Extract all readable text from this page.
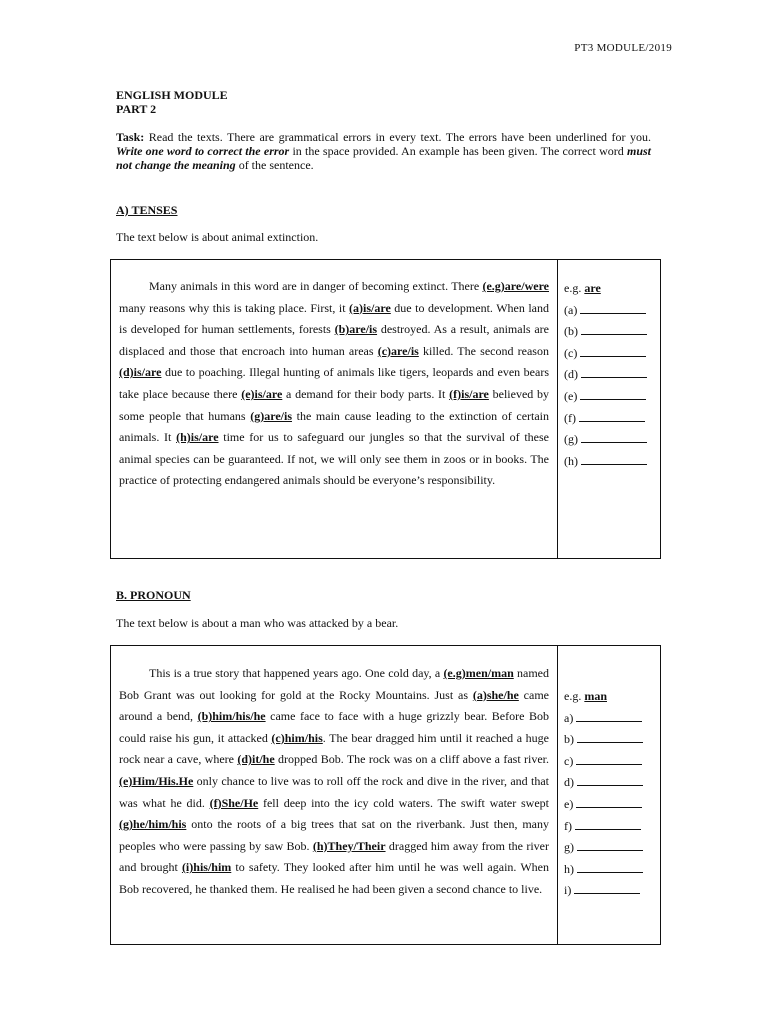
PT3 MODULE/2019
ENGLISH MODULE
PART 2
Task: Read the texts. There are grammatical errors in every text. The errors have been underlined for you. Write one word to correct the error in the space provided. An example has been given. The correct word must not change the meaning of the sentence.
A) TENSES
The text below is about animal extinction.
Many animals in this word are in danger of becoming extinct. There (e.g)are/were many reasons why this is taking place. First, it (a)is/are due to development. When land is developed for human settlements, forests (b)are/is destroyed. As a result, animals are displaced and those that encroach into human areas (c)are/is killed. The second reason (d)is/are due to poaching. Illegal hunting of animals like tigers, leopards and even bears take place because there (e)is/are a demand for their body parts. It (f)is/are believed by some people that humans (g)are/is the main cause leading to the extinction of certain animals. It (h)is/are time for us to safeguard our jungles so that the survival of these animal species can be guaranteed. If not, we will only see them in zoos or in books. The practice of protecting endangered animals should be everyone’s responsibility.
e.g. are
(a)
(b)
(c)
(d)
(e)
(f)
(g)
(h)
B. PRONOUN
The text below is about a man who was attacked by a bear.
This is a true story that happened years ago. One cold day, a (e.g)men/man named Bob Grant was out looking for gold at the Rocky Mountains. Just as (a)she/he came around a bend, (b)him/his/he came face to face with a huge grizzly bear. Before Bob could raise his gun, it attacked (c)him/his. The bear dragged him until it reached a huge rock near a cave, where (d)it/he dropped Bob. The rock was on a cliff above a fast river. (e)Him/His.He only chance to live was to roll off the rock and dive in the river, and that was what he did. (f)She/He fell deep into the icy cold waters. The swift water swept (g)he/him/his onto the roots of a big trees that sat on the riverbank. Just then, many peoples who were passing by saw Bob. (h)They/Their dragged him away from the river and brought (i)his/him to safety. They looked after him until he was well again. When Bob recovered, he thanked them. He realised he had been given a second chance to live.
e.g. man
a)
b)
c)
d)
e)
f)
g)
h)
i)
